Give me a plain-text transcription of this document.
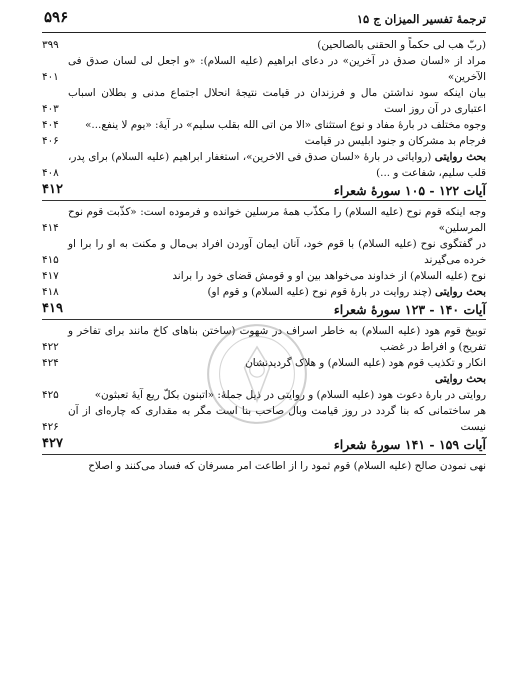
ترجمهٔ تفسیر المیزان ج ۱۵
۵۹۶
(ربّ هب لی حکماً و الحقنی بالصالحین)
۳۹۹
مراد از «لسان صدق در آخرین» در دعای ابراهیم (علیه السلام): «و اجعل لی لسان صدق فی الآخرین»
۴۰۱
بیان اینکه سود نداشتن مال و فرزندان در قیامت نتیجهٔ انحلال اجتماع مدنی و بطلان اسباب اعتباری در آن روز است
۴۰۳
وجوه مختلف در بارهٔ مفاد و نوع استثنای «الا من اتی الله بقلب سلیم» در آیهٔ: «یوم لا ینفع...»
۴۰۴
فرجام بد مشرکان و جنود ابلیس در قیامت
۴۰۶
بحث روایتی (روایاتی در بارهٔ «لسان صدق فی الاخرین»، استغفار ابراهیم (علیه السلام) برای پدر، قلب سلیم، شفاعت و ...)
۴۰۸
آیات ۱۲۲ - ۱۰۵ سورهٔ شعراء
۴۱۲
وجه اینکه قوم نوح (علیه السلام) را مکذّب همهٔ مرسلین خوانده و فرموده است: «کذّبت قوم نوح المرسلین»
۴۱۴
در گفتگوی نوح (علیه السلام) با قوم خود، آنان ایمان آوردن افراد بی‌مال و مکنت به او را برا او خرده می‌گیرند
۴۱۵
نوح (علیه السلام) از خداوند می‌خواهد بین او و قومش قضای خود را براند
۴۱۷
بحث روایتی (چند روایت در بارهٔ قوم نوح (علیه السلام) و قوم او)
۴۱۸
آیات ۱۴۰ - ۱۲۳ سورهٔ شعراء
۴۱۹
توبیخ قوم هود (علیه السلام) به خاطر اسراف در شهوت (ساختن بناهای کاخ مانند برای تفاخر و تفریح) و افراط در غضب
۴۲۲
انکار و تکذیب قوم هود (علیه السلام) و هلاک گردیدنشان
۴۲۴
بحث روایتی
روایتی در بارهٔ دعوت هود (علیه السلام) و روایتی در ذیل جملهٔ: «اتبنون بکلّ ریع آیهٔ تعبثون»
۴۲۵
هر ساختمانی که بنا گردد در روز قیامت وبال صاحب بنا است مگر به مقداری که چاره‌ای از آن نیست
۴۲۶
آیات ۱۵۹ - ۱۴۱ سورهٔ شعراء
۴۲۷
نهی نمودن صالح (علیه السلام) قوم ثمود را از اطاعت امر مسرفان که فساد می‌کنند و اصلاح
